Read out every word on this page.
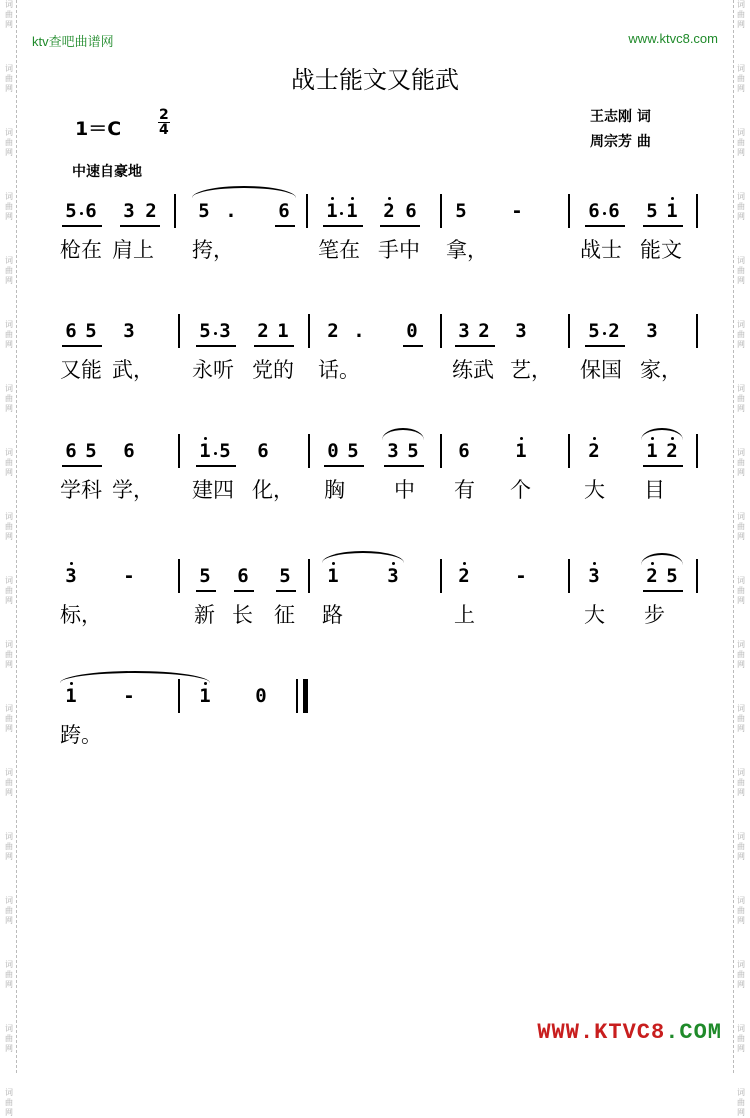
词曲网
词曲网
词曲网
词曲网
词曲网
词曲网
词曲网
词曲网
词曲网
词曲网
词曲网
词曲网
词曲网
词曲网
词曲网
词曲网
词曲网
词曲网
词曲网
词曲网
词曲网
词曲网
词曲网
词曲网
词曲网
词曲网
词曲网
词曲网
词曲网
词曲网
词曲网
词曲网
词曲网
词曲网
词曲网
词曲网
ktv查吧曲谱网	www.ktvc8.com
战士能文又能武
1＝C
2
4
王志刚 词
周宗芳 曲
中速自豪地
5 6 3 2 5 . 6 1 1 2 6 5 -	6 6 5 1
枪在 肩上 挎，	笔在 手中 拿，	战士 能文
6 5 3	5 3 2 1 2 . 0 3 2 3	5 2 3
又能 武， 永听 党的 话。	练武 艺， 保国 家，
6 5 6	1 5 6	0 5 3 5 6 1	2 1 2
学科 学， 建四 化， 胸 中 有 个	大 目
3 -	5 6 5 1	3	2 -	3 2 5
标，	新 长 征 路	上	大 步
1 -	1 0
跨。
WWW.KTVC8.COM
